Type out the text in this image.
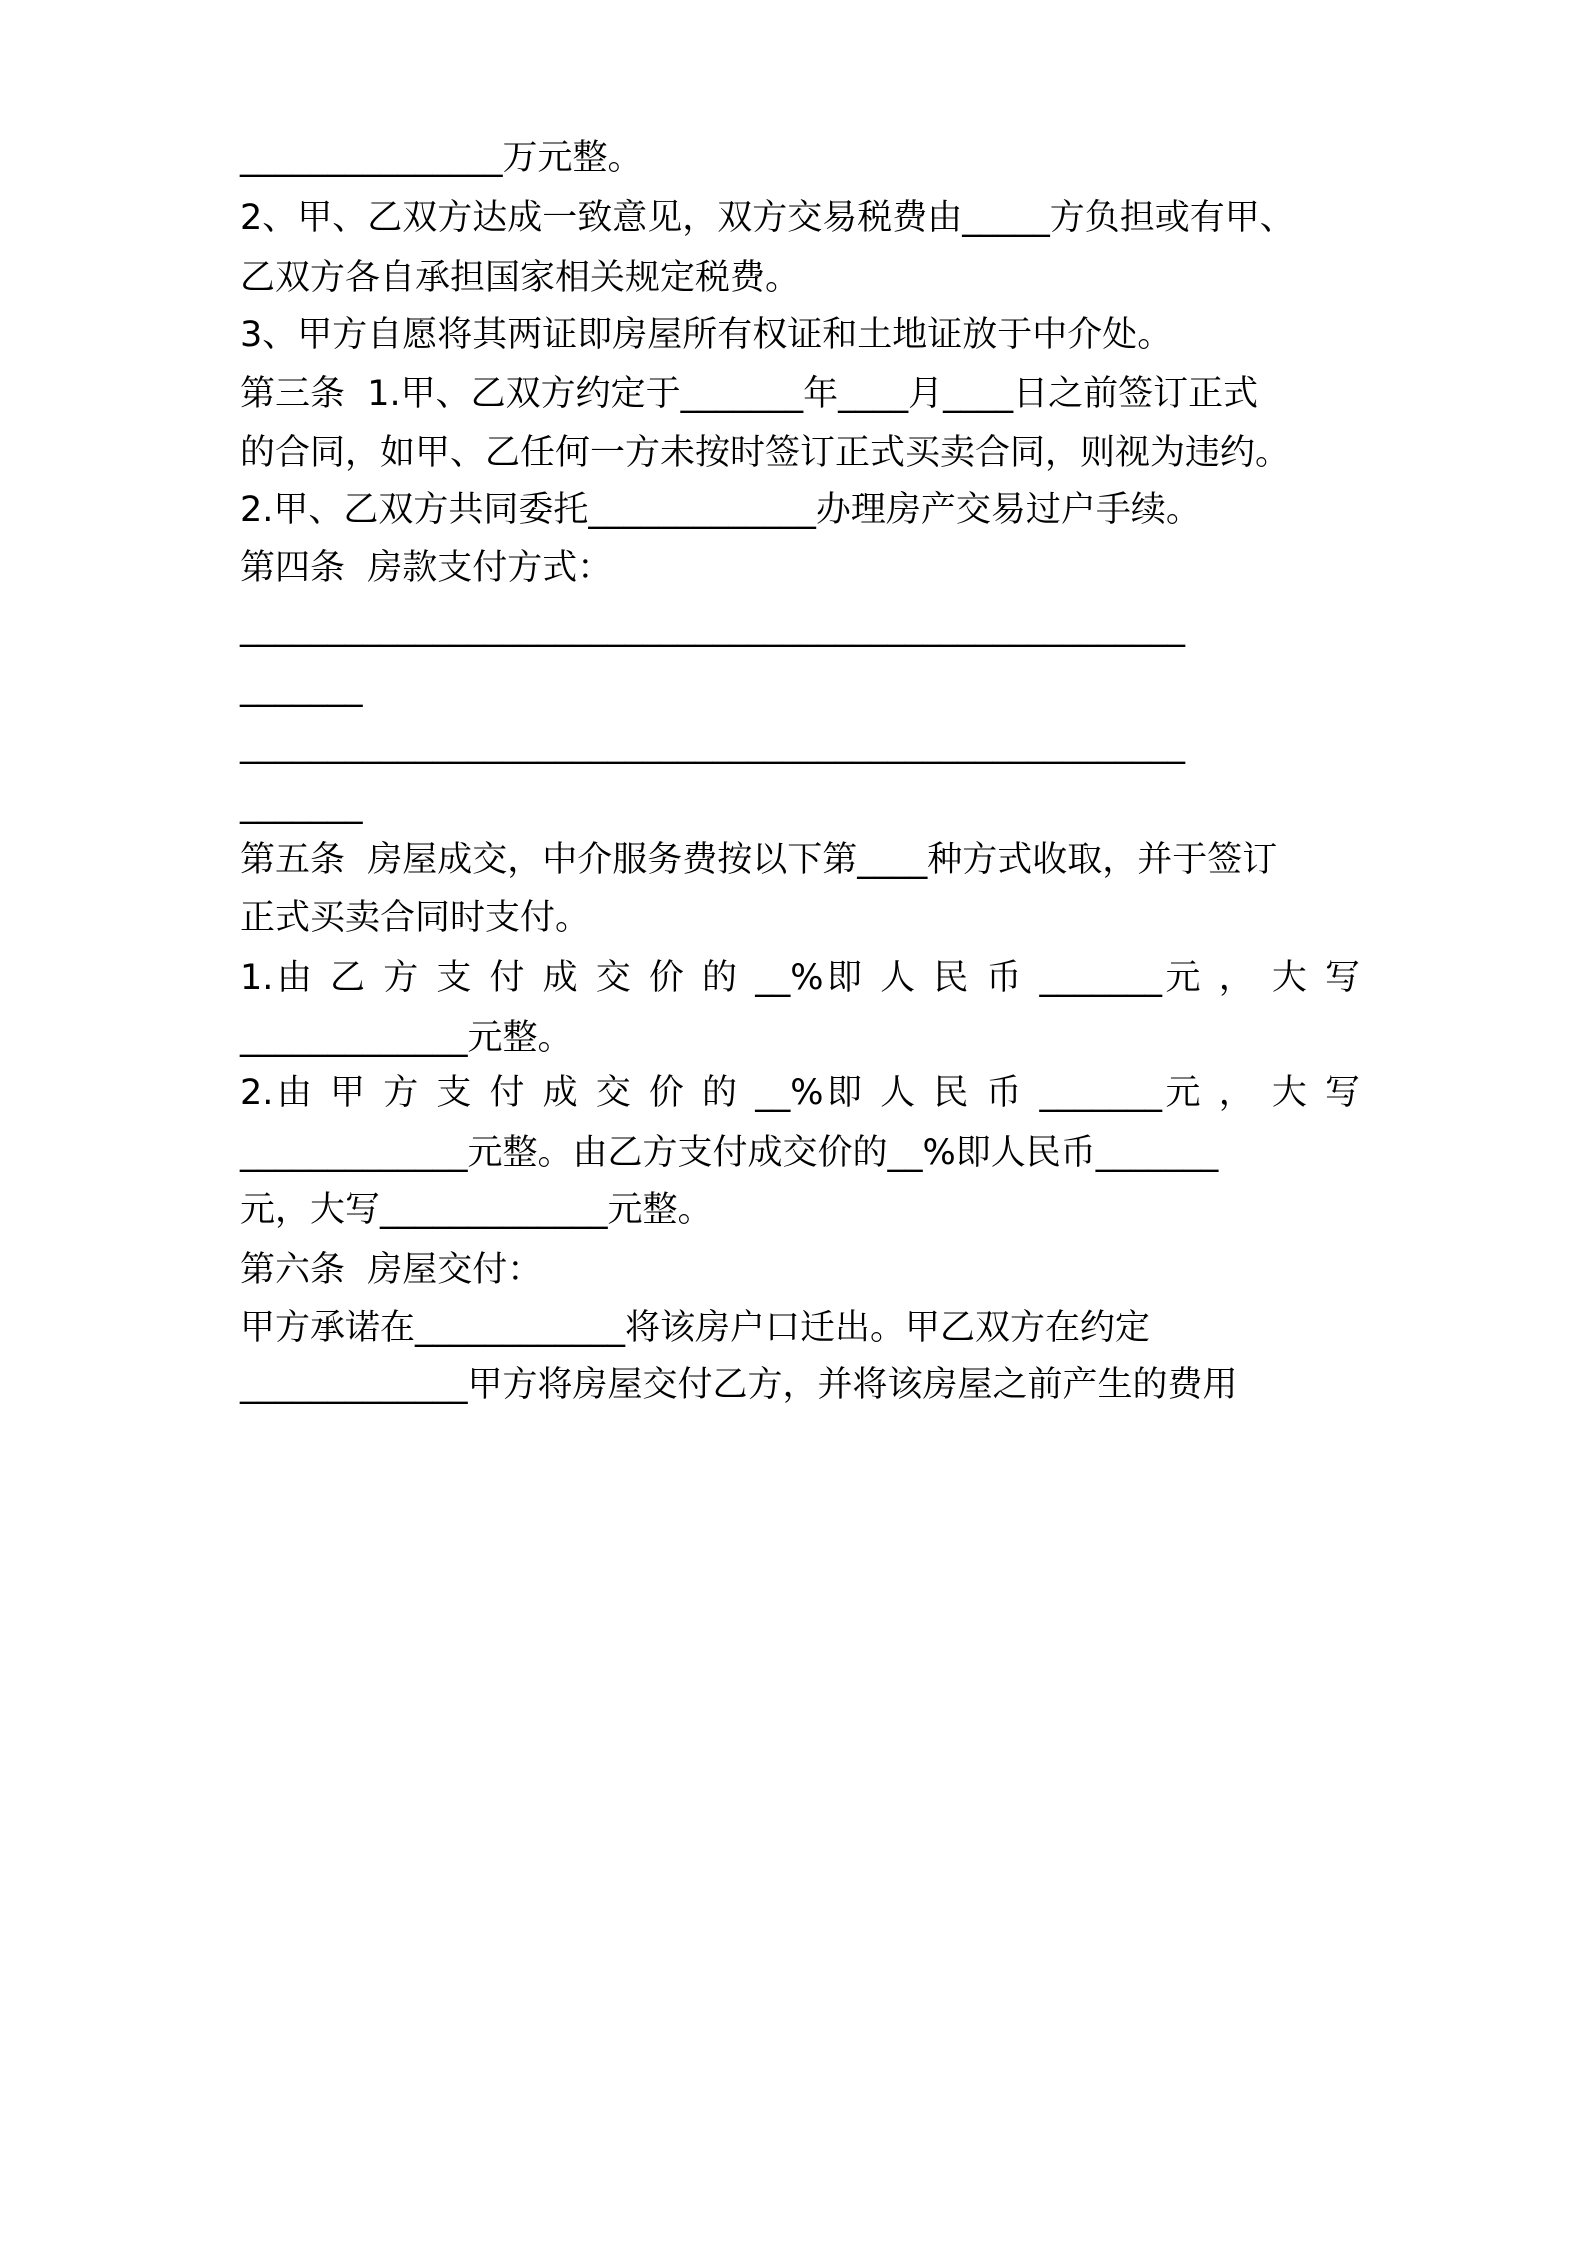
_______________万元整。

2、甲、乙双方达成一致意见，双方交易税费由_____方负担或有甲、

乙双方各自承担国家相关规定税费。

3、甲方自愿将其两证即房屋所有权证和土地证放于中介处。

第三条  1.甲、乙双方约定于_______年____月____日之前签订正式

的合同，如甲、乙任何一方未按时签订正式买卖合同，则视为违约。

2.甲、乙双方共同委托_____________办理房产交易过户手续。

第四条  房款支付方式：

______________________________________________________

_______

______________________________________________________

_______

第五条  房屋成交，中介服务费按以下第____种方式收取，并于签订

正式买卖合同时支付。

1.由 乙 方 支 付 成 交 价 的 __%即 人 民 币 _______元 ， 大 写

_____________元整。

2.由 甲 方 支 付 成 交 价 的 __%即 人 民 币 _______元 ， 大 写

_____________元整。由乙方支付成交价的__%即人民币_______

元，大写_____________元整。

第六条  房屋交付：

甲方承诺在____________将该房户口迁出。甲乙双方在约定

_____________甲方将房屋交付乙方，并将该房屋之前产生的费用
